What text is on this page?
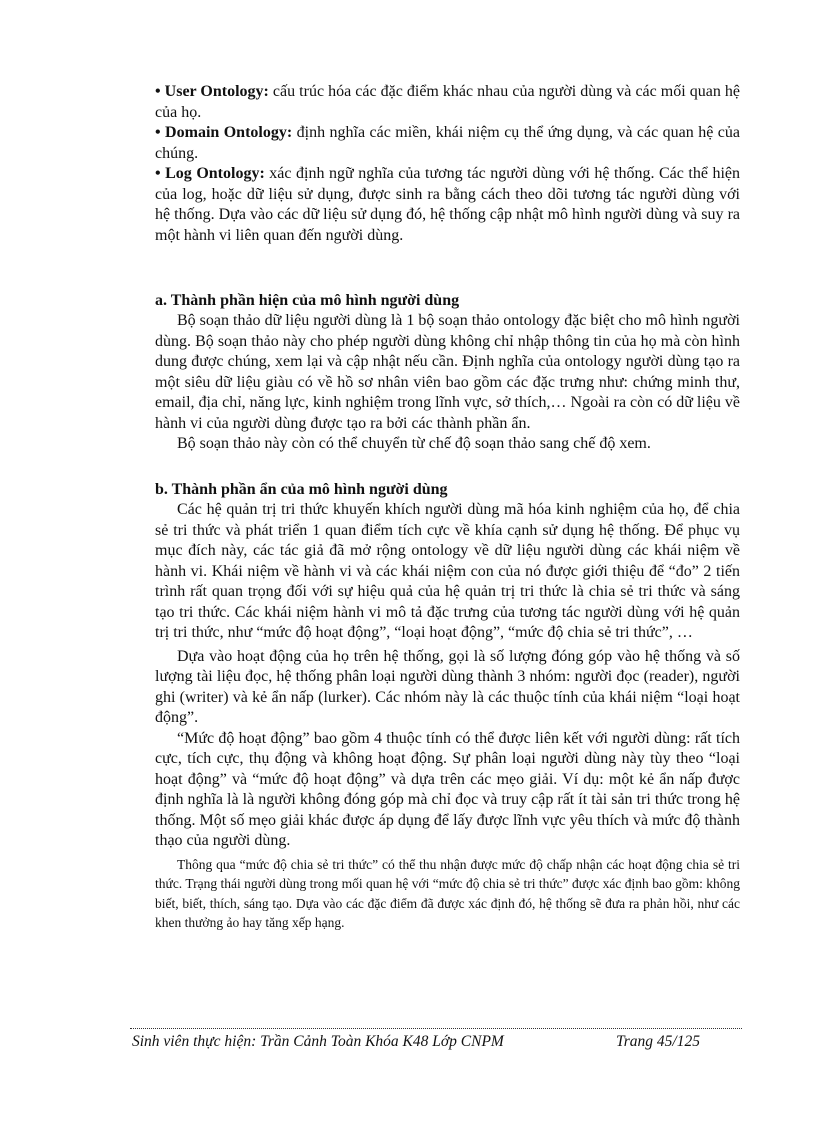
• User Ontology: cấu trúc hóa các đặc điểm khác nhau của người dùng và các mối quan hệ của họ.

• Domain Ontology: định nghĩa các miền, khái niệm cụ thể ứng dụng, và các quan hệ của chúng.

• Log Ontology: xác định ngữ nghĩa của tương tác người dùng với hệ thống. Các thể hiện của log, hoặc dữ liệu sử dụng, được sinh ra bằng cách theo dõi tương tác người dùng với hệ thống. Dựa vào các dữ liệu sử dụng đó, hệ thống cập nhật mô hình người dùng và suy ra một hành vi liên quan đến người dùng.

a. Thành phần hiện của mô hình người dùng

Bộ soạn thảo dữ liệu người dùng là 1 bộ soạn thảo ontology đặc biệt cho mô hình người dùng. Bộ soạn thảo này cho phép người dùng không chỉ nhập thông tin của họ mà còn hình dung được chúng, xem lại và cập nhật nếu cần. Định nghĩa của ontology người dùng tạo ra một siêu dữ liệu giàu có về hồ sơ nhân viên bao gồm các đặc trưng như: chứng minh thư, email, địa chỉ, năng lực, kinh nghiệm trong lĩnh vực, sở thích,… Ngoài ra còn có dữ liệu về hành vi của người dùng được tạo ra bởi các thành phần ẩn.

Bộ soạn thảo này còn có thể chuyển từ chế độ soạn thảo sang chế độ xem.

b. Thành phần ẩn của mô hình người dùng

Các hệ quản trị tri thức khuyến khích người dùng mã hóa kinh nghiệm của họ, để chia sẻ tri thức và phát triển 1 quan điểm tích cực về khía cạnh sử dụng hệ thống. Để phục vụ mục đích này, các tác giả đã mở rộng ontology về dữ liệu người dùng các khái niệm về hành vi. Khái niệm về hành vi và các khái niệm con của nó được giới thiệu để “đo” 2 tiến trình rất quan trọng đối với sự hiệu quả của hệ quản trị tri thức là chia sẻ tri thức và sáng tạo tri thức. Các khái niệm hành vi mô tả đặc trưng của tương tác người dùng với hệ quản trị tri thức, như “mức độ hoạt động”, “loại hoạt động”, “mức độ chia sẻ tri thức”, …

Dựa vào hoạt động của họ trên hệ thống, gọi là số lượng đóng góp vào hệ thống và số lượng tài liệu đọc, hệ thống phân loại người dùng thành 3 nhóm: người đọc (reader), người ghi (writer) và kẻ ẩn nấp (lurker). Các nhóm này là các thuộc tính của khái niệm “loại hoạt động”.

“Mức độ hoạt động” bao gồm 4 thuộc tính có thể được liên kết với người dùng: rất tích cực, tích cực, thụ động và không hoạt động. Sự phân loại người dùng này tùy theo “loại hoạt động” và “mức độ hoạt động” và dựa trên các mẹo giải. Ví dụ: một kẻ ẩn nấp được định nghĩa là là người không đóng góp mà chỉ đọc và truy cập rất ít tài sản tri thức trong hệ thống. Một số mẹo giải khác được áp dụng để lấy được lĩnh vực yêu thích và mức độ thành thạo của người dùng.

Thông qua “mức độ chia sẻ tri thức” có thể thu nhận được mức độ chấp nhận các hoạt động chia sẻ tri thức. Trạng thái người dùng trong mối quan hệ với “mức độ chia sẻ tri thức” được xác định bao gồm: không biết, biết, thích, sáng tạo. Dựa vào các đặc điểm đã được xác định đó, hệ thống sẽ đưa ra phản hồi, như các khen thưởng ảo hay tăng xếp hạng.

Sinh viên thực hiện: Trần Cảnh Toàn Khóa K48 Lớp CNPM	Trang 45/125
